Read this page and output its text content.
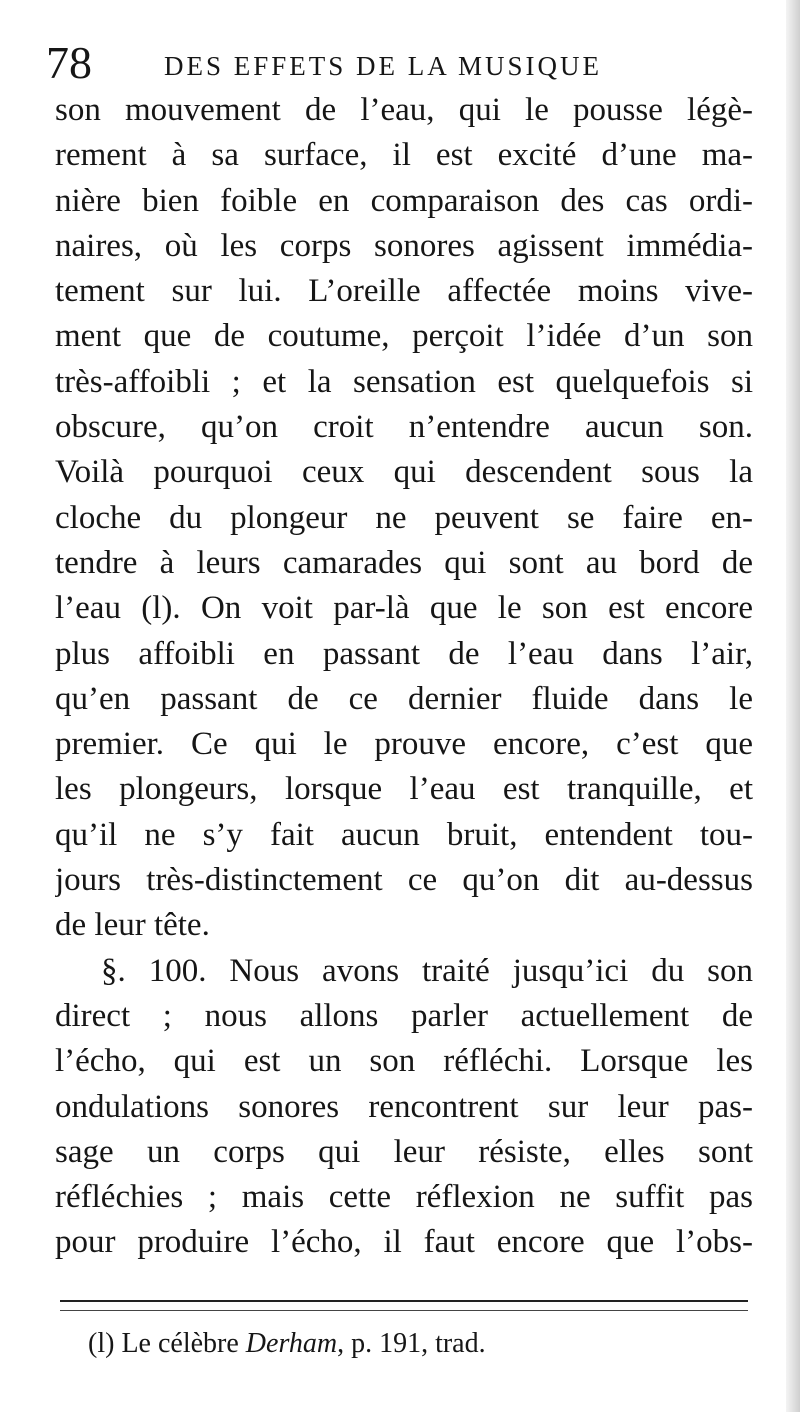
78	DES EFFETS DE LA MUSIQUE
son mouvement de l’eau, qui le pousse légè-
rement à sa surface, il est excité d’une ma-
nière bien foible en comparaison des cas ordi-
naires, où les corps sonores agissent immédia-
tement sur lui. L’oreille affectée moins vive-
ment que de coutume, perçoit l’idée d’un son
très-affoibli ; et la sensation est quelquefois si
obscure, qu’on croit n’entendre aucun son.
Voilà pourquoi ceux qui descendent sous la
cloche du plongeur ne peuvent se faire en-
tendre à leurs camarades qui sont au bord de
l’eau (l). On voit par-là que le son est encore
plus affoibli en passant de l’eau dans l’air,
qu’en passant de ce dernier fluide dans le
premier. Ce qui le prouve encore, c’est que
les plongeurs, lorsque l’eau est tranquille, et
qu’il ne s’y fait aucun bruit, entendent tou-
jours très-distinctement ce qu’on dit au-dessus
de leur tête.
§. 100. Nous avons traité jusqu’ici du son
direct ; nous allons parler actuellement de
l’écho, qui est un son réfléchi. Lorsque les
ondulations sonores rencontrent sur leur pas-
sage un corps qui leur résiste, elles sont
réfléchies ; mais cette réflexion ne suffit pas
pour produire l’écho, il faut encore que l’obs-
(l) Le célèbre Derham, p. 191, trad.
